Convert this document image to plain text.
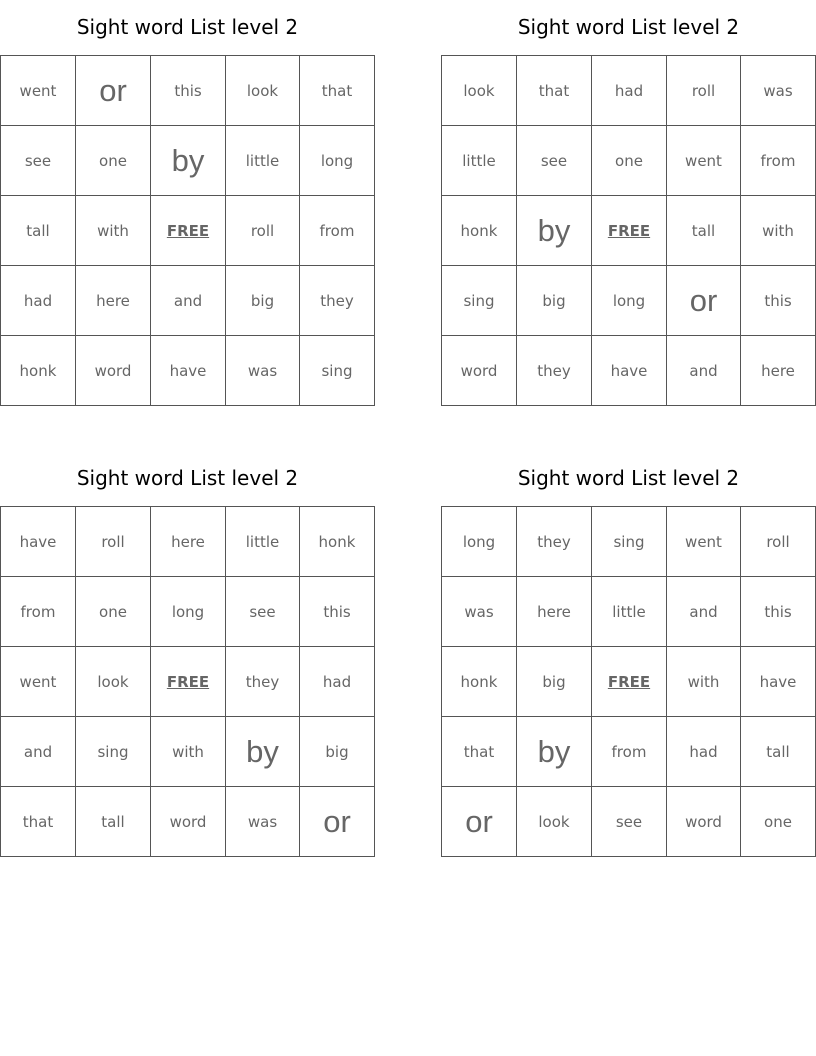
Sight word List level 2
went	or	this	look	that
see	one	by	little	long
tall	with	FREE	roll	from
had	here	and	big	they
honk	word	have	was	sing
Sight word List level 2
look	that	had	roll	was
little	see	one	went	from
honk	by	FREE	tall	with
sing	big	long	or	this
word	they	have	and	here
Sight word List level 2
have	roll	here	little	honk
from	one	long	see	this
went	look	FREE	they	had
and	sing	with	by	big
that	tall	word	was	or
Sight word List level 2
long	they	sing	went	roll
was	here	little	and	this
honk	big	FREE	with	have
that	by	from	had	tall
or	look	see	word	one
